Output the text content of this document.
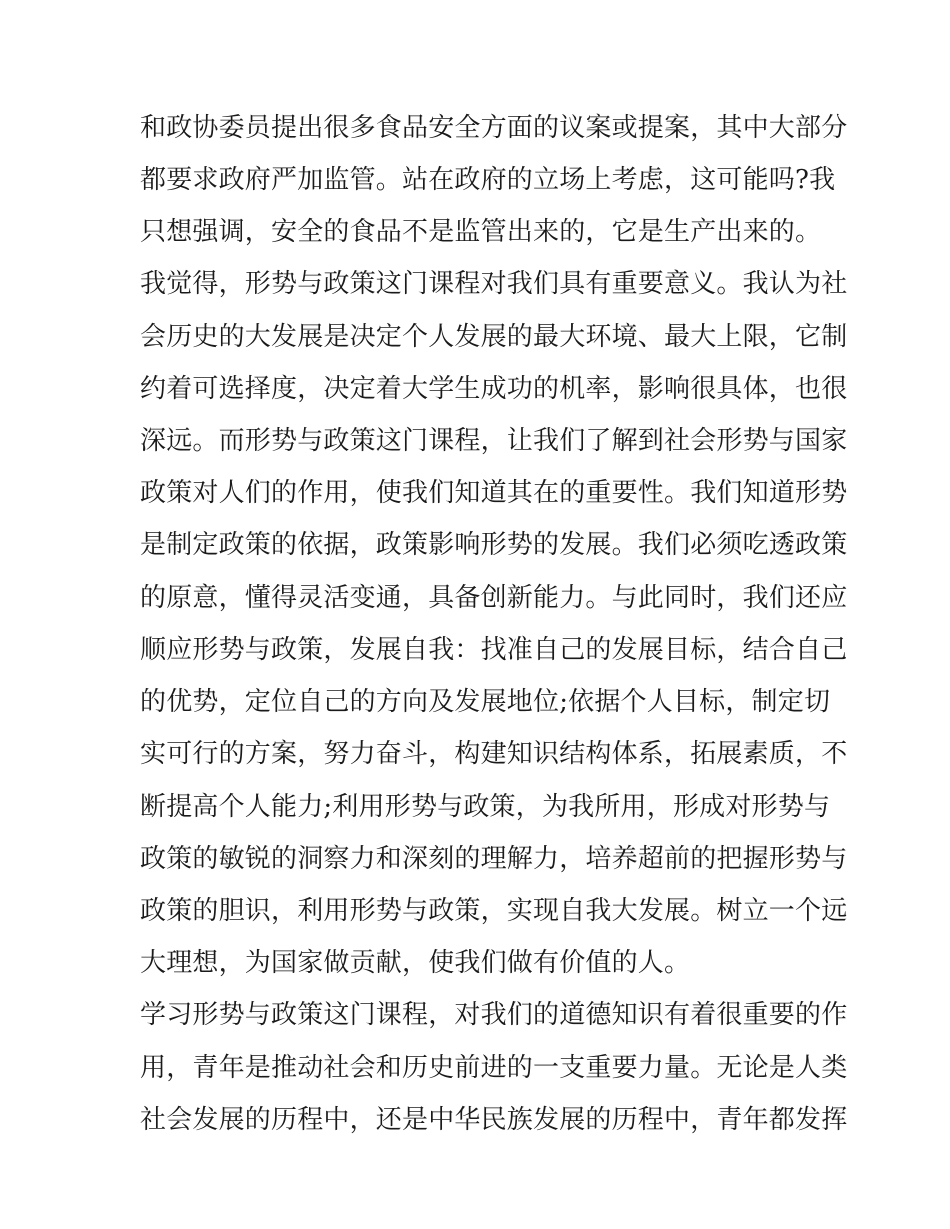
和政协委员提出很多食品安全方面的议案或提案，其中大部分
都要求政府严加监管。站在政府的立场上考虑，这可能吗?我
只想强调，安全的食品不是监管出来的，它是生产出来的。
我觉得，形势与政策这门课程对我们具有重要意义。我认为社
会历史的大发展是决定个人发展的最大环境、最大上限，它制
约着可选择度，决定着大学生成功的机率，影响很具体，也很
深远。而形势与政策这门课程，让我们了解到社会形势与国家
政策对人们的作用，使我们知道其在的重要性。我们知道形势
是制定政策的依据，政策影响形势的发展。我们必须吃透政策
的原意，懂得灵活变通，具备创新能力。与此同时，我们还应
顺应形势与政策，发展自我：找准自己的发展目标，结合自己
的优势，定位自己的方向及发展地位;依据个人目标，制定切
实可行的方案，努力奋斗，构建知识结构体系，拓展素质，不
断提高个人能力;利用形势与政策，为我所用，形成对形势与
政策的敏锐的洞察力和深刻的理解力，培养超前的把握形势与
政策的胆识，利用形势与政策，实现自我大发展。树立一个远
大理想，为国家做贡献，使我们做有价值的人。
学习形势与政策这门课程，对我们的道德知识有着很重要的作
用，青年是推动社会和历史前进的一支重要力量。无论是人类
社会发展的历程中，还是中华民族发展的历程中，青年都发挥
